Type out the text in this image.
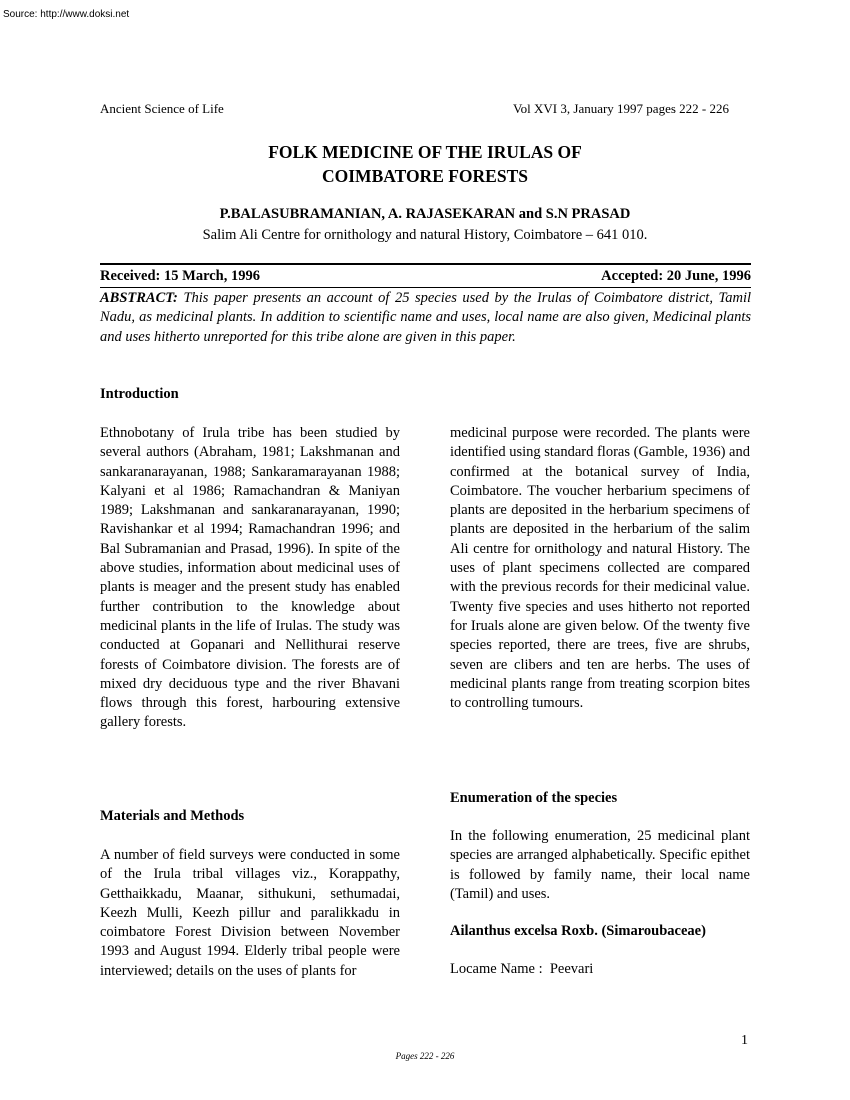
Source: http://www.doksi.net
Ancient Science of Life	Vol XVI 3, January 1997 pages 222 - 226
FOLK MEDICINE OF THE IRULAS OF
COIMBATORE FORESTS
P.BALASUBRAMANIAN, A. RAJASEKARAN and S.N PRASAD
Salim Ali Centre for ornithology and natural History, Coimbatore – 641 010.
Received: 15 March, 1996	Accepted: 20 June, 1996

ABSTRACT: This paper presents an account of 25 species used by the Irulas of Coimbatore district, Tamil Nadu, as medicinal plants. In addition to scientific name and uses, local name are also given, Medicinal plants and uses hitherto unreported for this tribe alone are given in this paper.

Introduction

Ethnobotany of Irula tribe has been studied by several authors (Abraham, 1981; Lakshmanan and sankaranarayanan, 1988; Sankaramarayanan 1988; Kalyani et al 1986; Ramachandran & Maniyan 1989; Lakshmanan and sankaranarayanan, 1990; Ravishankar et al 1994; Ramachandran 1996; and Bal Subramanian and Prasad, 1996). In spite of the above studies, information about medicinal uses of plants is meager and the present study has enabled further contribution to the knowledge about medicinal plants in the life of Irulas. The study was conducted at Gopanari and Nellithurai reserve forests of Coimbatore division. The forests are of mixed dry deciduous type and the river Bhavani flows through this forest, harbouring extensive gallery forests.

Materials and Methods

A number of field surveys were conducted in some of the Irula tribal villages viz., Korappathy, Getthaikkadu, Maanar, sithukuni, sethumadai, Keezh Mulli, Keezh pillur and paralikkadu in coimbatore Forest Division between November 1993 and August 1994. Elderly tribal people were interviewed; details on the uses of plants for

medicinal purpose were recorded. The plants were identified using standard floras (Gamble, 1936) and confirmed at the botanical survey of India, Coimbatore. The voucher herbarium specimens of plants are deposited in the herbarium specimens of plants are deposited in the herbarium of the salim Ali centre for ornithology and natural History. The uses of plant specimens collected are compared with the previous records for their medicinal value. Twenty five species and uses hitherto not reported for Iruals alone are given below. Of the twenty five species reported, there are trees, five are shrubs, seven are clibers and ten are herbs. The uses of medicinal plants range from treating scorpion bites to controlling tumours.

Enumeration of the species

In the following enumeration, 25 medicinal plant species are arranged alphabetically. Specific epithet is followed by family name, their local name (Tamil) and uses.

Ailanthus excelsa Roxb. (Simaroubaceae)
Locame Name :  Peevari
1
Pages 222 - 226
